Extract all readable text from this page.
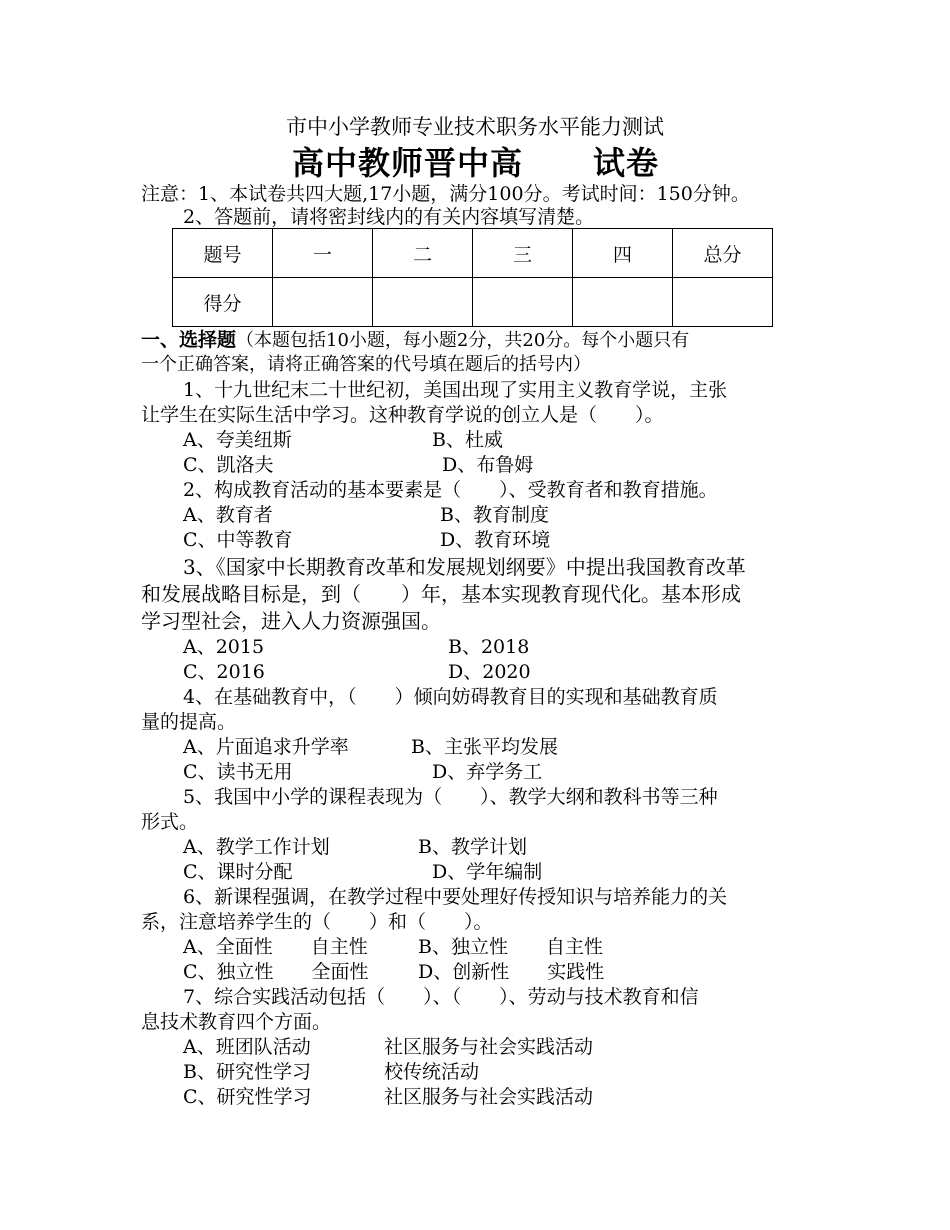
市中小学教师专业技术职务水平能力测试
高中教师晋中高 试卷
注意：1、本试卷共四大题,17小题，满分100分。考试时间：150分钟。
2、答题前，请将密封线内的有关内容填写清楚。
题号	一	二	三	四	总分
得分					
一、选择题（本题包括10小题，每小题2分，共20分。每个小题只有
一个正确答案，请将正确答案的代号填在题后的括号内）
1、十九世纪末二十世纪初，美国出现了实用主义教育学说，主张
让学生在实际生活中学习。这种教育学说的创立人是（　　）。
A、夸美纽斯	B、杜威
C、凯洛夫	D、布鲁姆
2、构成教育活动的基本要素是（　　）、受教育者和教育措施。
A、教育者	B、教育制度
C、中等教育	D、教育环境
3、《国家中长期教育改革和发展规划纲要》中提出我国教育改革
和发展战略目标是，到（　　）年，基本实现教育现代化。基本形成
学习型社会，进入人力资源强国。
A、2015	B、2018
C、2016	D、2020
4、在基础教育中，（　　）倾向妨碍教育目的实现和基础教育质
量的提高。
A、片面追求升学率	B、主张平均发展
C、读书无用	D、弃学务工
5、我国中小学的课程表现为（　　）、教学大纲和教科书等三种
形式。
A、教学工作计划	B、教学计划
C、课时分配	D、学年编制
6、新课程强调，在教学过程中要处理好传授知识与培养能力的关
系，注意培养学生的（　　）和（　　）。
A、全面性　　自主性	B、独立性　　自主性
C、独立性　　全面性	D、创新性　　实践性
7、综合实践活动包括（　　）、（　　）、劳动与技术教育和信
息技术教育四个方面。
A、班团队活动	社区服务与社会实践活动
B、研究性学习	校传统活动
C、研究性学习	社区服务与社会实践活动
